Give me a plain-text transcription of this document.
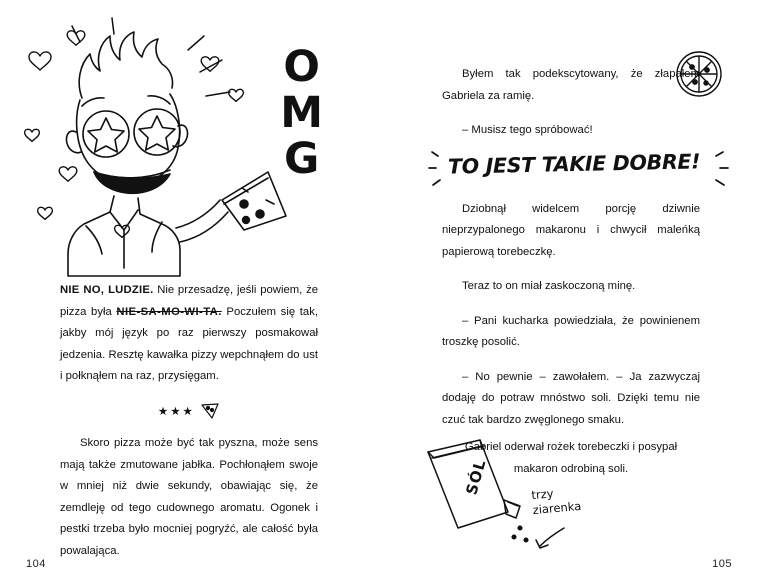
O
M
G

NIE NO, LUDZIE. Nie przesadzę, jeśli powiem, że pizza była NIE-SA-MO-WI-TA. Poczułem się tak, jakby mój język po raz pierwszy posmakował jedzenia. Resztę kawałka pizzy wepchnąłem do ust i połknąłem na raz, przysięgam.

★★★

Skoro pizza może być tak pyszna, może sens mają także zmutowane jabłka. Pochłonąłem swoje w mniej niż dwie sekundy, obawiając się, że zemdleję od tego cudownego aromatu. Ogonek i pestki trzeba było mocniej pogryźć, ale całość była powalająca.

104

Byłem tak podekscytowany, że złapałem Gabriela za ramię.

– Musisz tego spróbować!

Dziobnął widelcem porcję dziwnie nieprzypalonego makaronu i chwycił maleńką papierową torebeczkę.

Teraz to on miał zaskoczoną minę.

– Pani kucharka powiedziała, że powinienem troszkę posolić.

– No pewnie – zawołałem. – Ja zazwyczaj dodaję do potraw mnóstwo soli. Dzięki temu nie czuć tak bardzo zwęglonego smaku.

TO JEST TAKIE DOBRE!

Gabriel oderwał rożek torebeczki i posypał makaron odrobiną soli.

SÓL	trzy
ziarenka
105
